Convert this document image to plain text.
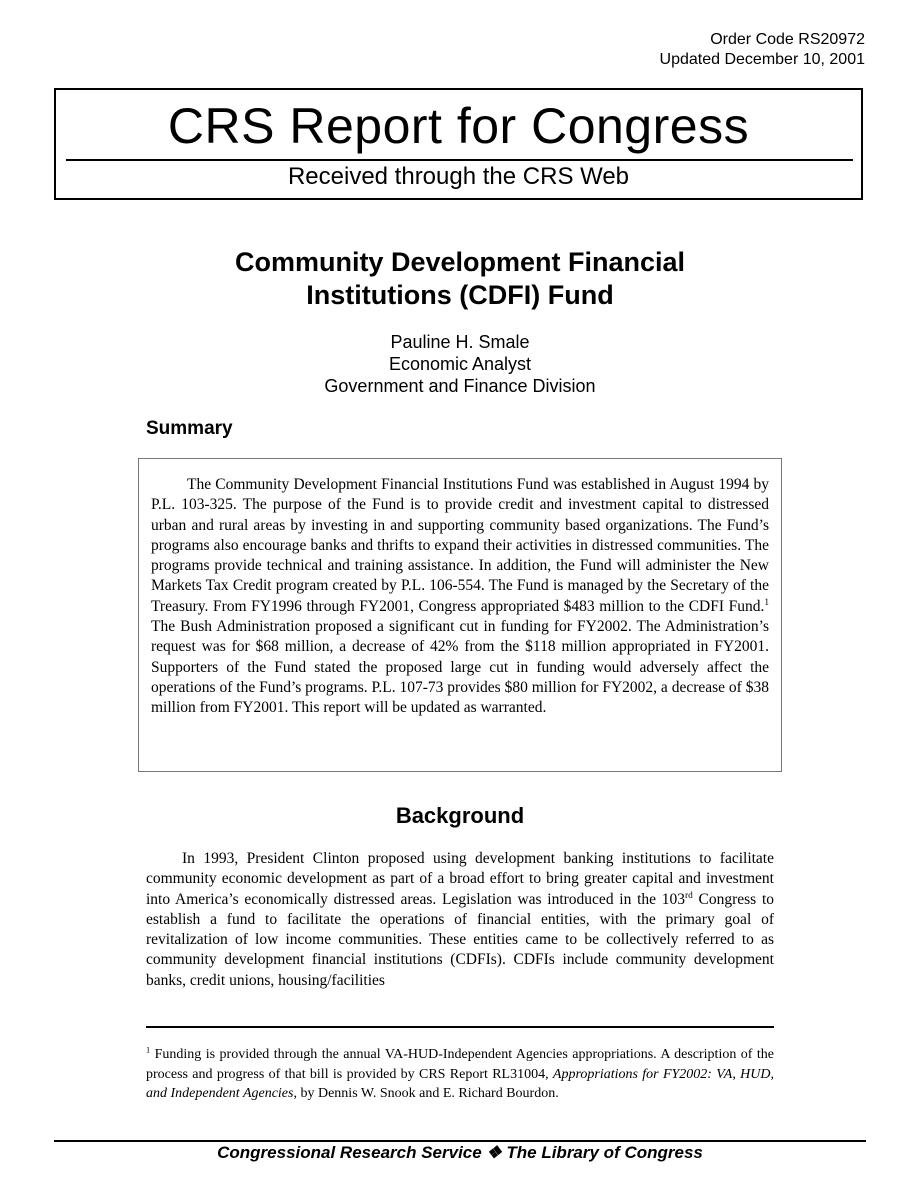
Order Code RS20972
Updated December 10, 2001
CRS Report for Congress
Received through the CRS Web
Community Development Financial
Institutions (CDFI) Fund
Pauline H. Smale
Economic Analyst
Government and Finance Division
Summary

The Community Development Financial Institutions Fund was established in August 1994 by P.L. 103-325. The purpose of the Fund is to provide credit and investment capital to distressed urban and rural areas by investing in and supporting community based organizations. The Fund’s programs also encourage banks and thrifts to expand their activities in distressed communities. The programs provide technical and training assistance. In addition, the Fund will administer the New Markets Tax Credit program created by P.L. 106-554. The Fund is managed by the Secretary of the Treasury. From FY1996 through FY2001, Congress appropriated $483 million to the CDFI Fund.$^1$ The Bush Administration proposed a significant cut in funding for FY2002. The Administration’s request was for $68 million, a decrease of 42% from the $118 million appropriated in FY2001. Supporters of the Fund stated the proposed large cut in funding would adversely affect the operations of the Fund’s programs. P.L. 107-73 provides $80 million for FY2002, a decrease of $38 million from FY2001. This report will be updated as warranted.

Background

In 1993, President Clinton proposed using development banking institutions to facilitate community economic development as part of a broad effort to bring greater capital and investment into America’s economically distressed areas. Legislation was introduced in the 103rd Congress to establish a fund to facilitate the operations of financial entities, with the primary goal of revitalization of low income communities. These entities came to be collectively referred to as community development financial institutions (CDFIs). CDFIs include community development banks, credit unions, housing/facilities

$^1$ Funding is provided through the annual VA-HUD-Independent Agencies appropriations. A description of the process and progress of that bill is provided by CRS Report RL31004, Appropriations for FY2002: VA, HUD, and Independent Agencies, by Dennis W. Snook and E. Richard Bourdon.

Congressional Research Service ❖ The Library of Congress
